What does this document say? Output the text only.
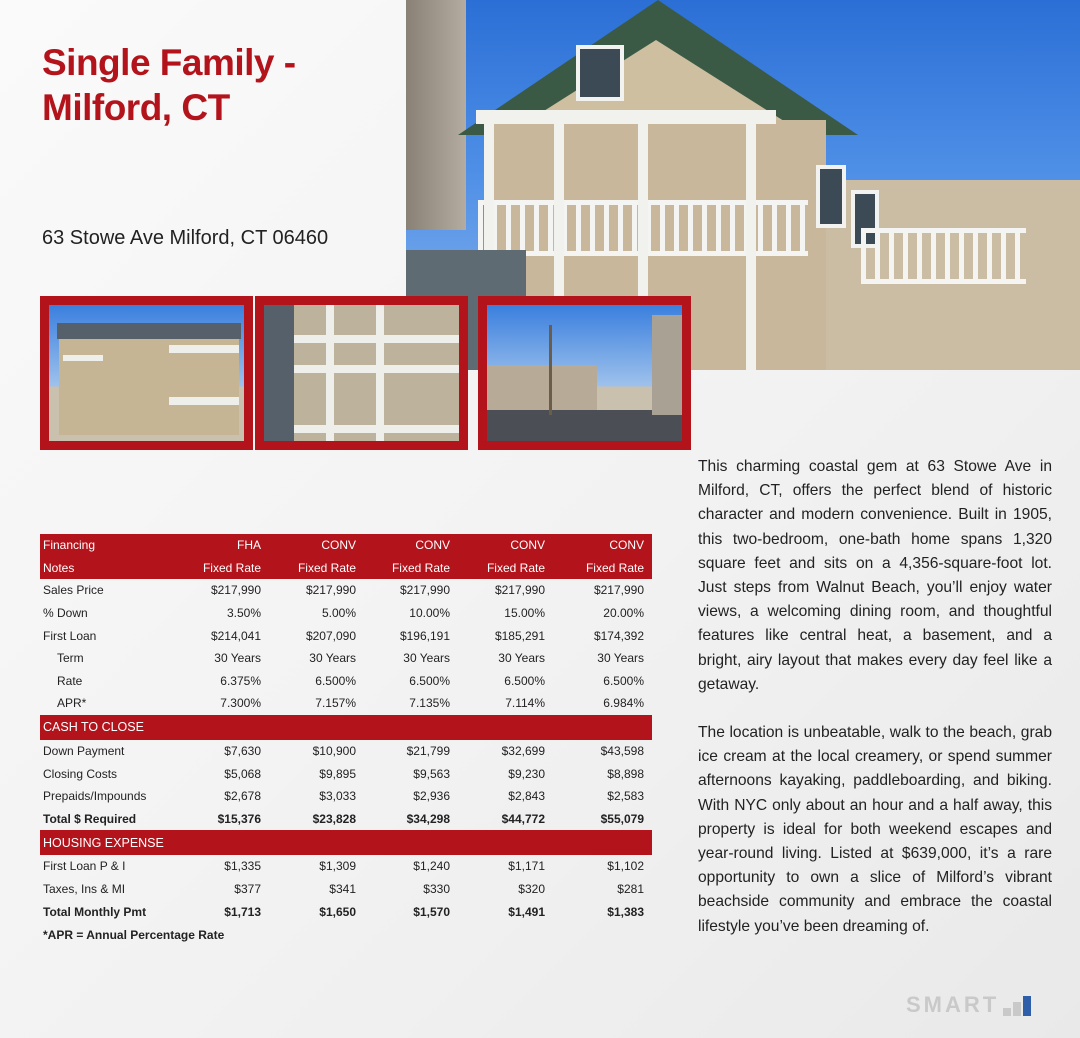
Single Family -
Milford, CT
63 Stowe Ave Milford, CT 06460
Financing	FHA	CONV	CONV	CONV	CONV
Notes	Fixed Rate	Fixed Rate	Fixed Rate	Fixed Rate	Fixed Rate
Sales Price	$217,990	$217,990	$217,990	$217,990	$217,990
% Down	3.50%	5.00%	10.00%	15.00%	20.00%
First Loan	$214,041	$207,090	$196,191	$185,291	$174,392
Term	30 Years	30 Years	30 Years	30 Years	30 Years
Rate	6.375%	6.500%	6.500%	6.500%	6.500%
APR*	7.300%	7.157%	7.135%	7.114%	6.984%
CASH TO CLOSE					
Down Payment	$7,630	$10,900	$21,799	$32,699	$43,598
Closing Costs	$5,068	$9,895	$9,563	$9,230	$8,898
Prepaids/Impounds	$2,678	$3,033	$2,936	$2,843	$2,583
Total $ Required	$15,376	$23,828	$34,298	$44,772	$55,079
HOUSING EXPENSE					
First Loan P & I	$1,335	$1,309	$1,240	$1,171	$1,102
Taxes, Ins & MI	$377	$341	$330	$320	$281
Total Monthly Pmt	$1,713	$1,650	$1,570	$1,491	$1,383
*APR = Annual Percentage Rate

This charming coastal gem at 63 Stowe Ave in Milford, CT, offers the perfect blend of historic character and modern convenience. Built in 1905, this two-bedroom, one-bath home spans 1,320 square feet and sits on a 4,356-square-foot lot. Just steps from Walnut Beach, you’ll enjoy water views, a welcoming dining room, and thoughtful features like central heat, a basement, and a bright, airy layout that makes every day feel like a getaway.

The location is unbeatable, walk to the beach, grab ice cream at the local creamery, or spend summer afternoons kayaking, paddleboarding, and biking. With NYC only about an hour and a half away, this property is ideal for both weekend escapes and year-round living. Listed at $639,000, it’s a rare opportunity to own a slice of Milford’s vibrant beachside community and embrace the coastal lifestyle you’ve been dreaming of.

SMART
